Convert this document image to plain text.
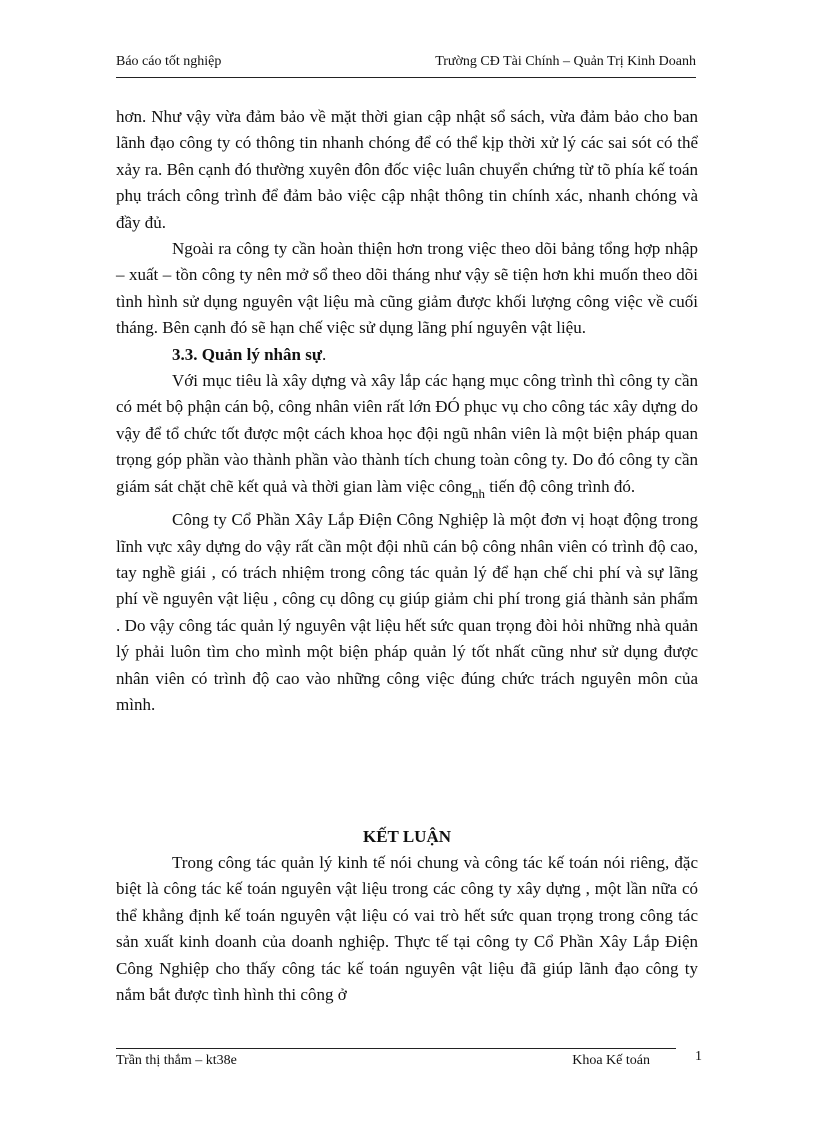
Báo cáo tốt nghiệp	Trường CĐ Tài Chính – Quản Trị Kinh Doanh

hơn. Như vậy vừa đảm bảo về mặt thời gian cập nhật sổ sách, vừa đảm bảo cho ban lãnh đạo công ty có thông tin nhanh chóng để có thể kịp thời xử lý các sai sót có thể xảy ra. Bên cạnh đó thường xuyên đôn đốc việc luân chuyển chứng từ tõ phía kế toán phụ trách công trình để đảm bảo việc cập nhật thông tin chính xác, nhanh chóng và đầy đủ.

Ngoài ra công ty cần hoàn thiện hơn trong việc theo dõi bảng tổng hợp nhập – xuất – tồn công ty nên mở sổ theo dõi tháng như vậy sẽ tiện hơn khi muốn theo dõi tình hình sử dụng nguyên vật liệu mà cũng giảm được khối lượng công việc về cuối tháng. Bên cạnh đó sẽ hạn chế việc sử dụng lãng phí nguyên vật liệu.

3.3. Quản lý nhân sự.

Với mục tiêu là xây dựng và xây lắp các hạng mục công trình thì công ty cần có mét bộ phận cán bộ, công nhân viên rất lớn ĐÓ phục vụ cho công tác xây dựng do vậy để tổ chức tốt được một cách khoa học đội ngũ nhân viên là một biện pháp quan trọng góp phần vào thành phần vào thành tích chung toàn công ty. Do đó công ty cần giám sát chặt chẽ kết quả và thời gian làm việc công$_{nh}$ tiến độ công trình đó.

Công ty Cổ Phần Xây Lắp Điện Công Nghiệp là một đơn vị hoạt động trong lĩnh vực xây dựng do vậy rất cần một đội nhũ cán bộ công nhân viên có trình độ cao, tay nghề giái , có trách nhiệm trong công tác quản lý để hạn chế chi phí và sự lãng phí về nguyên vật liệu , công cụ dông cụ giúp giảm chi phí trong giá thành sản phẩm . Do vậy công tác quản lý nguyên vật liệu hết sức quan trọng đòi hỏi những nhà quản lý phải luôn tìm cho mình một biện pháp quản lý tốt nhất cũng như sử dụng được nhân viên có trình độ cao vào những công việc đúng chức trách nguyên môn của mình.

KẾT LUẬN

Trong công tác quản lý kinh tế nói chung và công tác kế toán nói riêng, đặc biệt là công tác kế toán nguyên vật liệu trong các công ty xây dựng , một lần nữa có thể khẳng định kế toán nguyên vật liệu có vai trò hết sức quan trọng trong công tác sản xuất kinh doanh của doanh nghiệp. Thực tế tại công ty Cổ Phần Xây Lắp Điện Công Nghiệp cho thấy công tác kế toán nguyên vật liệu đã giúp lãnh đạo công ty nắm bắt được tình hình thi công ở

Trần thị thắm – kt38e	Khoa Kế toán	1
